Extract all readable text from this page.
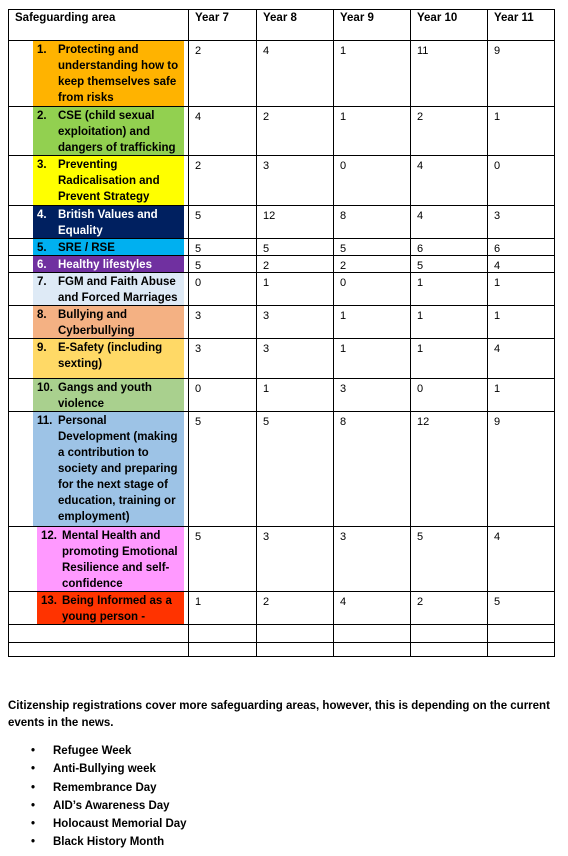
Safeguarding area	Year 7	Year 8	Year 9	Year 10	Year 11

1. Protecting and understanding how to keep themselves safe from risks	2	4	1	11	9

2. CSE (child sexual exploitation) and dangers of trafficking	4	2	1	2	1

3. Preventing Radicalisation and Prevent Strategy	2	3	0	4	0

4. British Values and Equality	5	12	8	4	3

5. SRE / RSE	5	5	5	6	6

6. Healthy lifestyles	5	2	2	5	4

7. FGM and Faith Abuse and Forced Marriages	0	1	0	1	1

8. Bullying and Cyberbullying	3	3	1	1	1

9. E-Safety (including sexting)	3	3	1	1	4

10. Gangs and youth violence	0	1	3	0	1

11. Personal Development (making a contribution to society and preparing for the next stage of education, training or employment)	5	5	8	12	9

12. Mental Health and promoting Emotional Resilience and self-confidence	5	3	3	5	4

13. Being Informed as a young person -	1	2	4	2	5

Citizenship registrations cover more safeguarding areas, however, this is depending on the current events in the news.
• Refugee Week
• Anti-Bullying week
• Remembrance Day
• AID’s Awareness Day
• Holocaust Memorial Day
• Black History Month
